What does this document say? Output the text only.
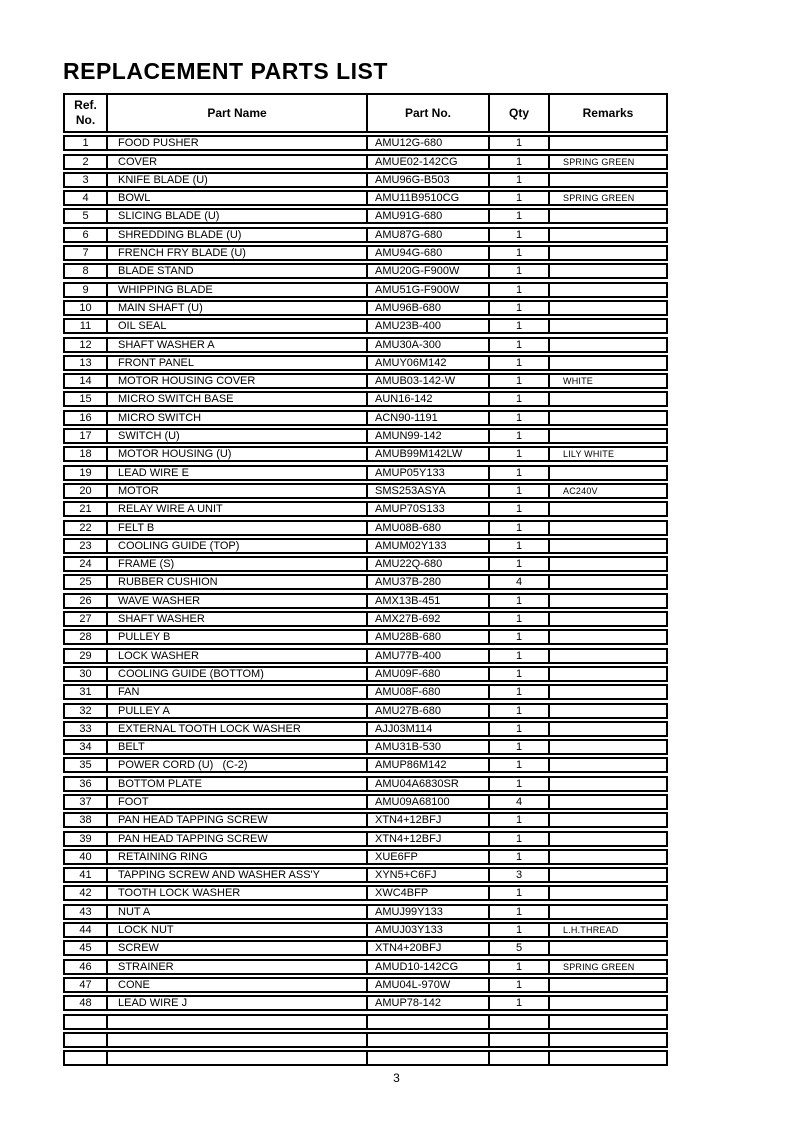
REPLACEMENT PARTS LIST
Ref.
No.	Part Name	Part No.	Qty	Remarks
1	FOOD PUSHER	AMU12G-680	1
2	COVER	AMUE02-142CG	1	SPRING GREEN
3	KNIFE BLADE (U)	AMU96G-B503	1
4	BOWL	AMU11B9510CG	1	SPRING GREEN
5	SLICING BLADE (U)	AMU91G-680	1
6	SHREDDING BLADE (U)	AMU87G-680	1
7	FRENCH FRY BLADE (U)	AMU94G-680	1
8	BLADE STAND	AMU20G-F900W	1
9	WHIPPING BLADE	AMU51G-F900W	1
10	MAIN SHAFT (U)	AMU96B-680	1
11	OIL SEAL	AMU23B-400	1
12	SHAFT WASHER A	AMU30A-300	1
13	FRONT PANEL	AMUY06M142	1
14	MOTOR HOUSING COVER	AMUB03-142-W	1	WHITE
15	MICRO SWITCH BASE	AUN16-142	1
16	MICRO SWITCH	ACN90-1191	1
17	SWITCH (U)	AMUN99-142	1
18	MOTOR HOUSING (U)	AMUB99M142LW	1	LILY WHITE
19	LEAD WIRE E	AMUP05Y133	1
20	MOTOR	SMS253ASYA	1	AC240V
21	RELAY WIRE A UNIT	AMUP70S133	1
22	FELT B	AMU08B-680	1
23	COOLING GUIDE (TOP)	AMUM02Y133	1
24	FRAME (S)	AMU22Q-680	1
25	RUBBER CUSHION	AMU37B-280	4
26	WAVE WASHER	AMX13B-451	1
27	SHAFT WASHER	AMX27B-692	1
28	PULLEY B	AMU28B-680	1
29	LOCK WASHER	AMU77B-400	1
30	COOLING GUIDE (BOTTOM)	AMU09F-680	1
31	FAN	AMU08F-680	1
32	PULLEY A	AMU27B-680	1
33	EXTERNAL TOOTH LOCK WASHER	AJJ03M114	1
34	BELT	AMU31B-530	1
35	POWER CORD (U)   (C-2)	AMUP86M142	1
36	BOTTOM PLATE	AMU04A6830SR	1
37	FOOT	AMU09A68100	4
38	PAN HEAD TAPPING SCREW	XTN4+12BFJ	1
39	PAN HEAD TAPPING SCREW	XTN4+12BFJ	1
40	RETAINING RING	XUE6FP	1
41	TAPPING SCREW AND WASHER ASS'Y	XYN5+C6FJ	3
42	TOOTH LOCK WASHER	XWC4BFP	1
43	NUT A	AMUJ99Y133	1
44	LOCK NUT	AMUJ03Y133	1	L.H.THREAD
45	SCREW	XTN4+20BFJ	5
46	STRAINER	AMUD10-142CG	1	SPRING GREEN
47	CONE	AMU04L-970W	1
48	LEAD WIRE J	AMUP78-142	1
3
